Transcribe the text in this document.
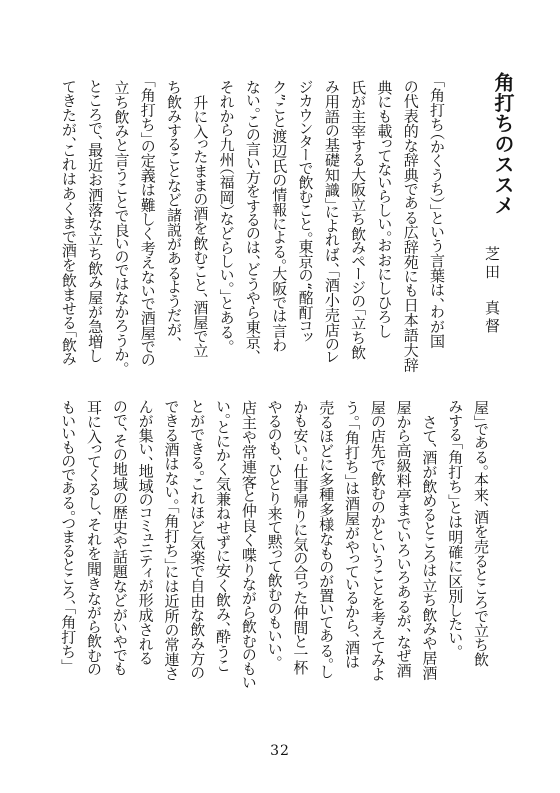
角打ちのススメ
芝田　真督
「角打ち（かくうち）」という言葉は、わが国
の代表的な辞典である広辞苑にも日本語大辞
典にも載ってないらしい。おおにしひろし
氏が主宰する大阪立ち飲みページの「立ち飲
み用語の基礎知識」によれば、「酒小売店のレ
ジカウンターで飲むこと。東京の“酩酊コッ
ク”こと渡辺氏の情報による。大阪では言わ
ない。この言い方をするのは、どうやら東京、
それから九州（福岡）などらしい。」とある。
　升に入ったままの酒を飲むこと、酒屋で立
ち飲みすることなど諸説があるようだが、
「角打ち」の定義は難しく考えないで酒屋での
立ち飲みと言うことで良いのではなかろうか。
ところで、最近お洒落な立ち飲み屋が急増し
てきたが、これはあくまで酒を飲ませる「飲み
屋」である。本来、酒を売るところで立ち飲
みする「角打ち」とは明確に区別したい。
　さて、酒が飲めるところは立ち飲みや居酒
屋から高級料亭までいろいろあるが、なぜ酒
屋の店先で飲むのかということを考えてみよ
う。「角打ち」は酒屋がやっているから、酒は
売るほどに多種多様なものが置いてある。し
かも安い。仕事帰りに気の合った仲間と一杯
やるのも、ひとり来て黙って飲むのもいい。
店主や常連客と仲良く喋りながら飲むのもい
い。とにかく気兼ねせずに安く飲み、酔うこ
とができる。これほど気楽で自由な飲み方の
できる酒はない。「角打ち」には近所の常連さ
んが集い、地域のコミュニティが形成される
ので、その地域の歴史や話題などがいやでも
耳に入ってくるし、それを聞きながら飲むの
もいいものである。つまるところ、「角打ち」
32
